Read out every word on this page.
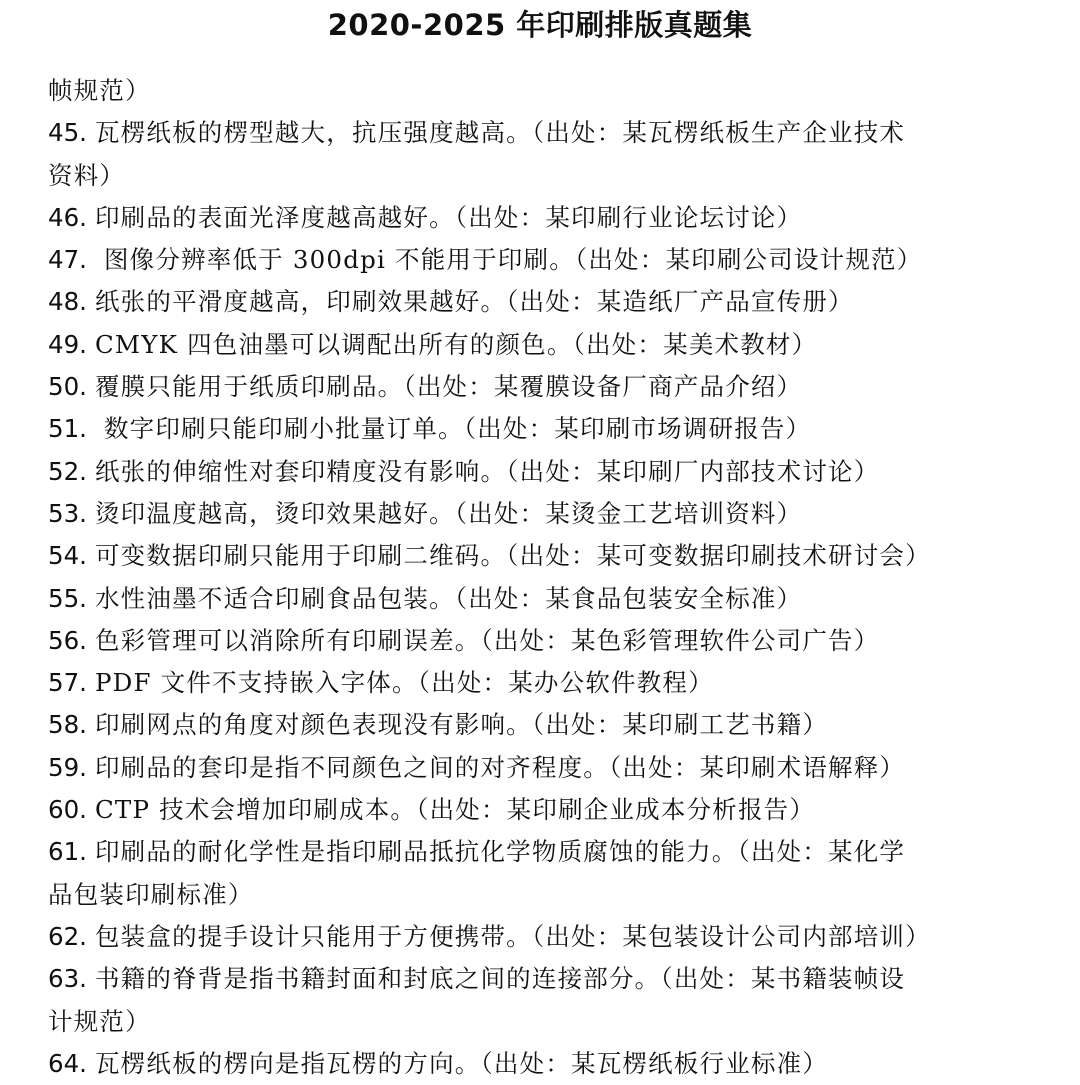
2020-2025 年印刷排版真题集
帧规范）
45. 瓦楞纸板的楞型越大，抗压强度越高。（出处：某瓦楞纸板生产企业技术
资料）
46. 印刷品的表面光泽度越高越好。（出处：某印刷行业论坛讨论）
47. 图像分辨率低于 300dpi 不能用于印刷。（出处：某印刷公司设计规范）
48. 纸张的平滑度越高，印刷效果越好。（出处：某造纸厂产品宣传册）
49. CMYK 四色油墨可以调配出所有的颜色。（出处：某美术教材）
50. 覆膜只能用于纸质印刷品。（出处：某覆膜设备厂商产品介绍）
51. 数字印刷只能印刷小批量订单。（出处：某印刷市场调研报告）
52. 纸张的伸缩性对套印精度没有影响。（出处：某印刷厂内部技术讨论）
53. 烫印温度越高，烫印效果越好。（出处：某烫金工艺培训资料）
54. 可变数据印刷只能用于印刷二维码。（出处：某可变数据印刷技术研讨会）
55. 水性油墨不适合印刷食品包装。（出处：某食品包装安全标准）
56. 色彩管理可以消除所有印刷误差。（出处：某色彩管理软件公司广告）
57. PDF 文件不支持嵌入字体。（出处：某办公软件教程）
58. 印刷网点的角度对颜色表现没有影响。（出处：某印刷工艺书籍）
59. 印刷品的套印是指不同颜色之间的对齐程度。（出处：某印刷术语解释）
60. CTP 技术会增加印刷成本。（出处：某印刷企业成本分析报告）
61. 印刷品的耐化学性是指印刷品抵抗化学物质腐蚀的能力。（出处：某化学
品包装印刷标准）
62. 包装盒的提手设计只能用于方便携带。（出处：某包装设计公司内部培训）
63. 书籍的脊背是指书籍封面和封底之间的连接部分。（出处：某书籍装帧设
计规范）
64. 瓦楞纸板的楞向是指瓦楞的方向。（出处：某瓦楞纸板行业标准）
